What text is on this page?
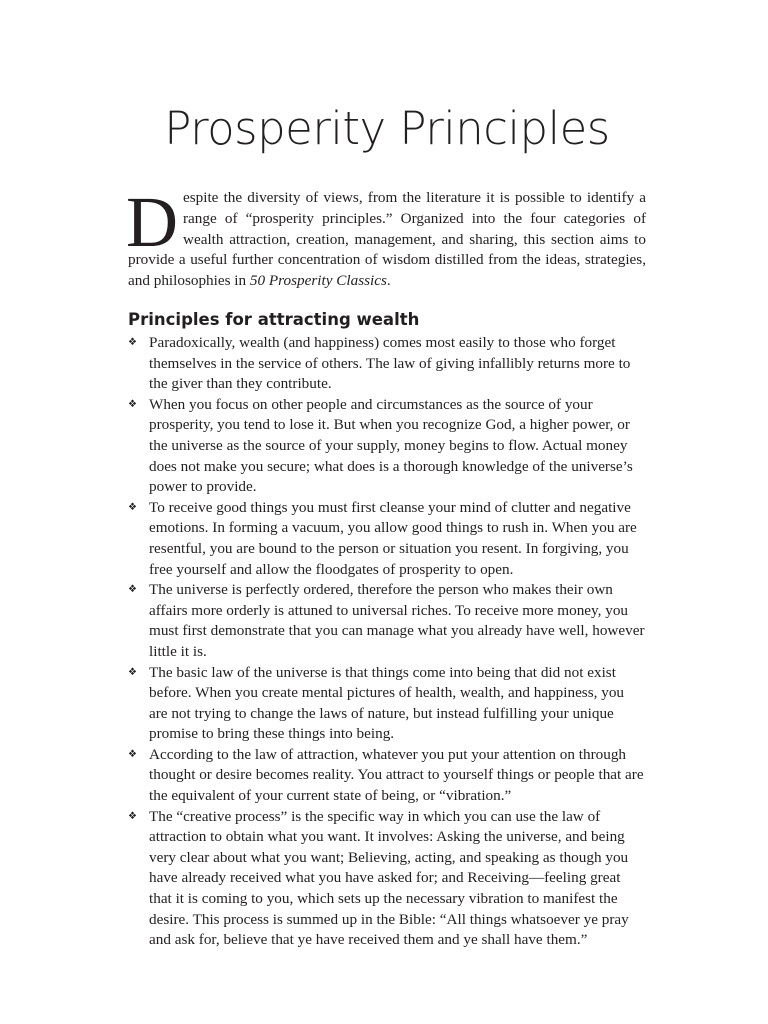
Prosperity Principles

Despite the diversity of views, from the literature it is possible to identify a range of “prosperity principles.” Organized into the four categories of wealth attraction, creation, management, and sharing, this section aims to provide a useful further concentration of wisdom distilled from the ideas, strategies, and philosophies in 50 Prosperity Classics.

Principles for attracting wealth
❖ Paradoxically, wealth (and happiness) comes most easily to those who forget themselves in the service of others. The law of giving infallibly returns more to the giver than they contribute.
❖ When you focus on other people and circumstances as the source of your prosperity, you tend to lose it. But when you recognize God, a higher power, or the universe as the source of your supply, money begins to flow. Actual money does not make you secure; what does is a thorough knowledge of the universe’s power to provide.
❖ To receive good things you must first cleanse your mind of clutter and negative emotions. In forming a vacuum, you allow good things to rush in. When you are resentful, you are bound to the person or situation you resent. In forgiving, you free yourself and allow the floodgates of prosperity to open.
❖ The universe is perfectly ordered, therefore the person who makes their own affairs more orderly is attuned to universal riches. To receive more money, you must first demonstrate that you can manage what you already have well, however little it is.
❖ The basic law of the universe is that things come into being that did not exist before. When you create mental pictures of health, wealth, and happiness, you are not trying to change the laws of nature, but instead fulfilling your unique promise to bring these things into being.
❖ According to the law of attraction, whatever you put your attention on through thought or desire becomes reality. You attract to yourself things or people that are the equivalent of your current state of being, or “vibration.”
❖ The “creative process” is the specific way in which you can use the law of attraction to obtain what you want. It involves: Asking the universe, and being very clear about what you want; Believing, acting, and speaking as though you have already received what you have asked for; and Receiving—feeling great that it is coming to you, which sets up the necessary vibration to manifest the desire. This process is summed up in the Bible: “All things whatsoever ye pray and ask for, believe that ye have received them and ye shall have them.”
